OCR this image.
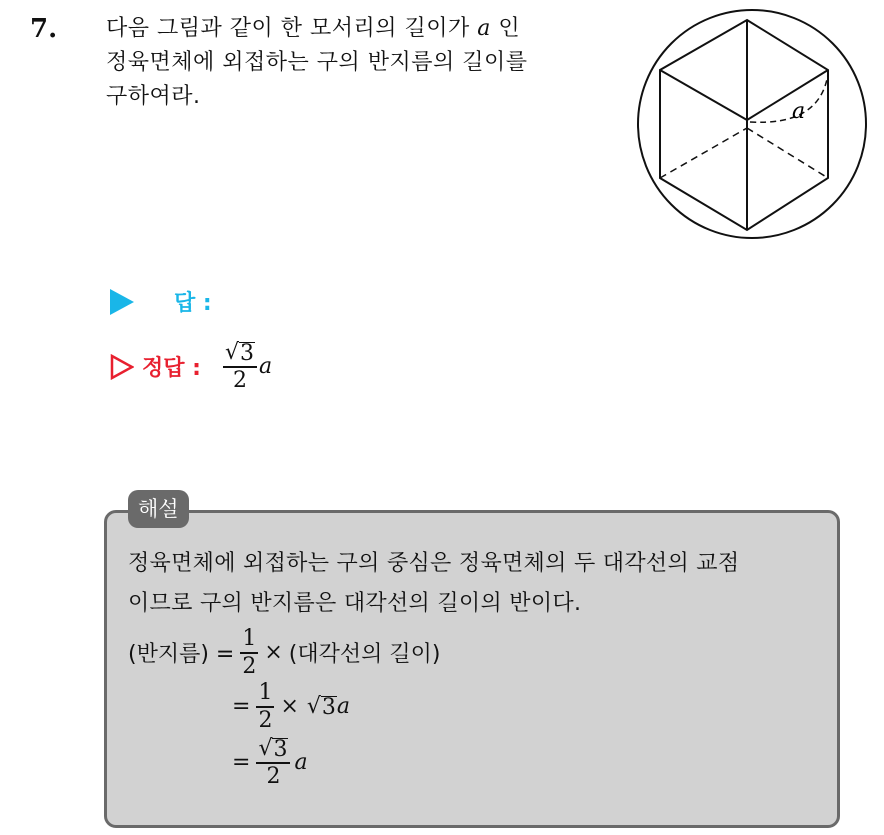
7. 다음 그림과 같이 한 모서리의 길이가 a 인
정육면체에 외접하는 구의 반지름의 길이를
구하여라.
a
답 :
정답 : $\frac{√ 3}{2}$ a
해설
정육면체에 외접하는 구의 중심은 정육면체의 두 대각선의 교점
이므로 구의 반지름은 대각선의 길이의 반이다.
(반지름) = $\frac{1}{2}$ × (대각선의 길이)
= $\frac{1}{2}$ × √ 3 a
= $\frac{√ 3}{2}$ a
